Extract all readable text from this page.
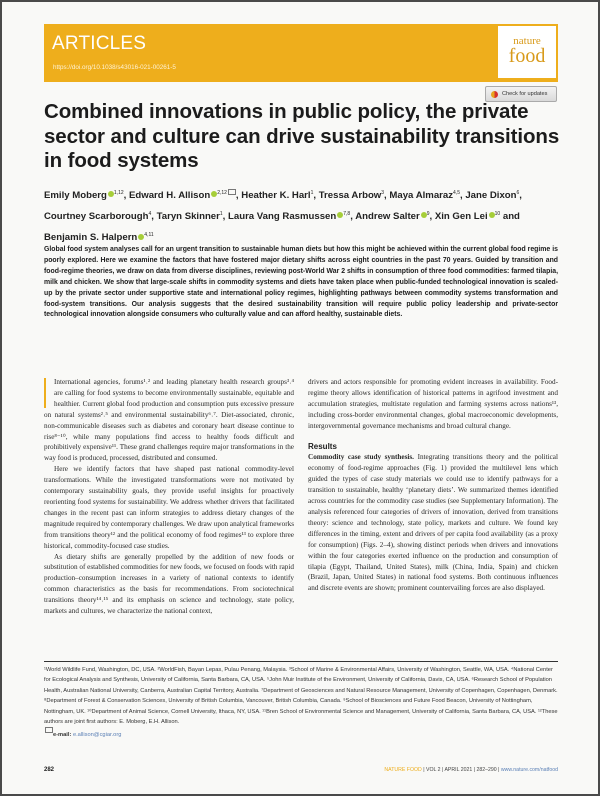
ARTICLES
https://doi.org/10.1038/s43016-021-00261-5
nature
food
Check for updates
Combined innovations in public policy, the private sector and culture can drive sustainability transitions in food systems
Emily Moberg $^{1,12}$, Edward H. Allison $^{2,12}$ , Heather K. Harl$^1$, Tressa Arbow$^3$, Maya Almaraz$^{4,5}$, Jane Dixon$^6$, Courtney Scarborough$^4$, Taryn Skinner$^1$, Laura Vang Rasmussen $^{7,8}$, Andrew Salter $^9$, Xin Gen Lei $^{10}$ and Benjamin S. Halpern $^{4,11}$
Global food system analyses call for an urgent transition to sustainable human diets but how this might be achieved within the current global food regime is poorly explored. Here we examine the factors that have fostered major dietary shifts across eight countries in the past 70 years. Guided by transition and food-regime theories, we draw on data from diverse disciplines, reviewing post-World War 2 shifts in consumption of three food commodities: farmed tilapia, milk and chicken. We show that large-scale shifts in commodity systems and diets have taken place when public-funded technological innovation is scaled-up by the private sector under supportive state and international policy regimes, highlighting pathways between commodity systems transformation and food-system transitions. Our analysis suggests that the desired sustainability transition will require public policy leadership and private-sector technological innovation alongside consumers who culturally value and can afford healthy, sustainable diets.

International agencies, forums¹˒² and leading planetary health research groups³˒⁴ are calling for food systems to become environmentally sustainable, equitable and healthier. Current global food production and consumption puts excessive pressure on natural systems²˒⁵ and environmental sustainability⁶˒⁷. Diet-associated, chronic, non-communicable diseases such as diabetes and coronary heart disease continue to rise⁸⁻¹⁰, while many populations find access to healthy foods difficult and prohibitively expensive¹¹. These grand challenges require major transformations in the way food is produced, processed, distributed and consumed.

Here we identify factors that have shaped past national commodity-level transformations. While the investigated transformations were not motivated by contemporary sustainability goals, they provide useful insights for proactively reorienting food systems for sustainability. We address whether drivers that facilitated changes in the recent past can inform strategies to address dietary changes of the magnitude required by contemporary challenges. We draw upon analytical frameworks from transitions theory¹² and the political economy of food regimes¹³ to explore three historical, commodity-focused case studies.

As dietary shifts are generally propelled by the addition of new foods or substitution of established commodities for new foods, we focused on foods with rapid production–consumption increases in a variety of national contexts to identify common characteristics as the basis for recommendations. From sociotechnical transitions theory¹⁴˒¹⁵ and its emphasis on science and technology, state policy, markets and cultures, we characterize the national context,

drivers and actors responsible for promoting evident increases in availability. Food-regime theory allows identification of historical patterns in agrifood investment and accumulation strategies, multistate regulation and farming systems across nations¹³, including cross-border environmental changes, global macroeconomic developments, intergovernmental governance mechanisms and broad cultural change.

Results

Commodity case study synthesis. Integrating transitions theory and the political economy of food-regime approaches (Fig. 1) provided the multilevel lens which guided the types of case study materials we could use to identify pathways for a transition to sustainable, healthy ‘planetary diets’. We summarized themes identified across countries for the commodity case studies (see Supplementary Information). The analysis referenced four categories of drivers of innovation, derived from transitions theory: science and technology, state policy, markets and culture. We found key differences in the timing, extent and drivers of per capita food availability (as a proxy for consumption) (Figs. 2–4), showing distinct periods when drivers and innovations within the four categories exerted influence on the production and consumption of tilapia (Egypt, Thailand, United States), milk (China, India, Spain) and chicken (Brazil, Japan, United States) in national food systems. Both continuous influences and discrete events are shown; prominent countervailing forces are also displayed.

¹World Wildlife Fund, Washington, DC, USA. ²WorldFish, Bayan Lepas, Pulau Penang, Malaysia. ³School of Marine & Environmental Affairs, University of Washington, Seattle, WA, USA. ⁴National Center for Ecological Analysis and Synthesis, University of California, Santa Barbara, CA, USA. ⁵John Muir Institute of the Environment, University of California, Davis, CA, USA. ⁶Research School of Population Health, Australian National University, Canberra, Australian Capital Territory, Australia. ⁷Department of Geosciences and Natural Resource Management, University of Copenhagen, Copenhagen, Denmark. ⁸Department of Forest & Conservation Sciences, University of British Columbia, Vancouver, British Columbia, Canada. ⁹School of Biosciences and Future Food Beacon, University of Nottingham, Nottingham, UK. ¹⁰Department of Animal Science, Cornell University, Ithaca, NY, USA. ¹¹Bren School of Environmental Science and Management, University of California, Santa Barbara, CA, USA. ¹²These authors are joint first authors: E. Moberg, E.H. Allison.
e-mail: e.allison@cgiar.org
282	NATURE FOOD | VOL 2 | APRIL 2021 | 282–290 | www.nature.com/natfood
